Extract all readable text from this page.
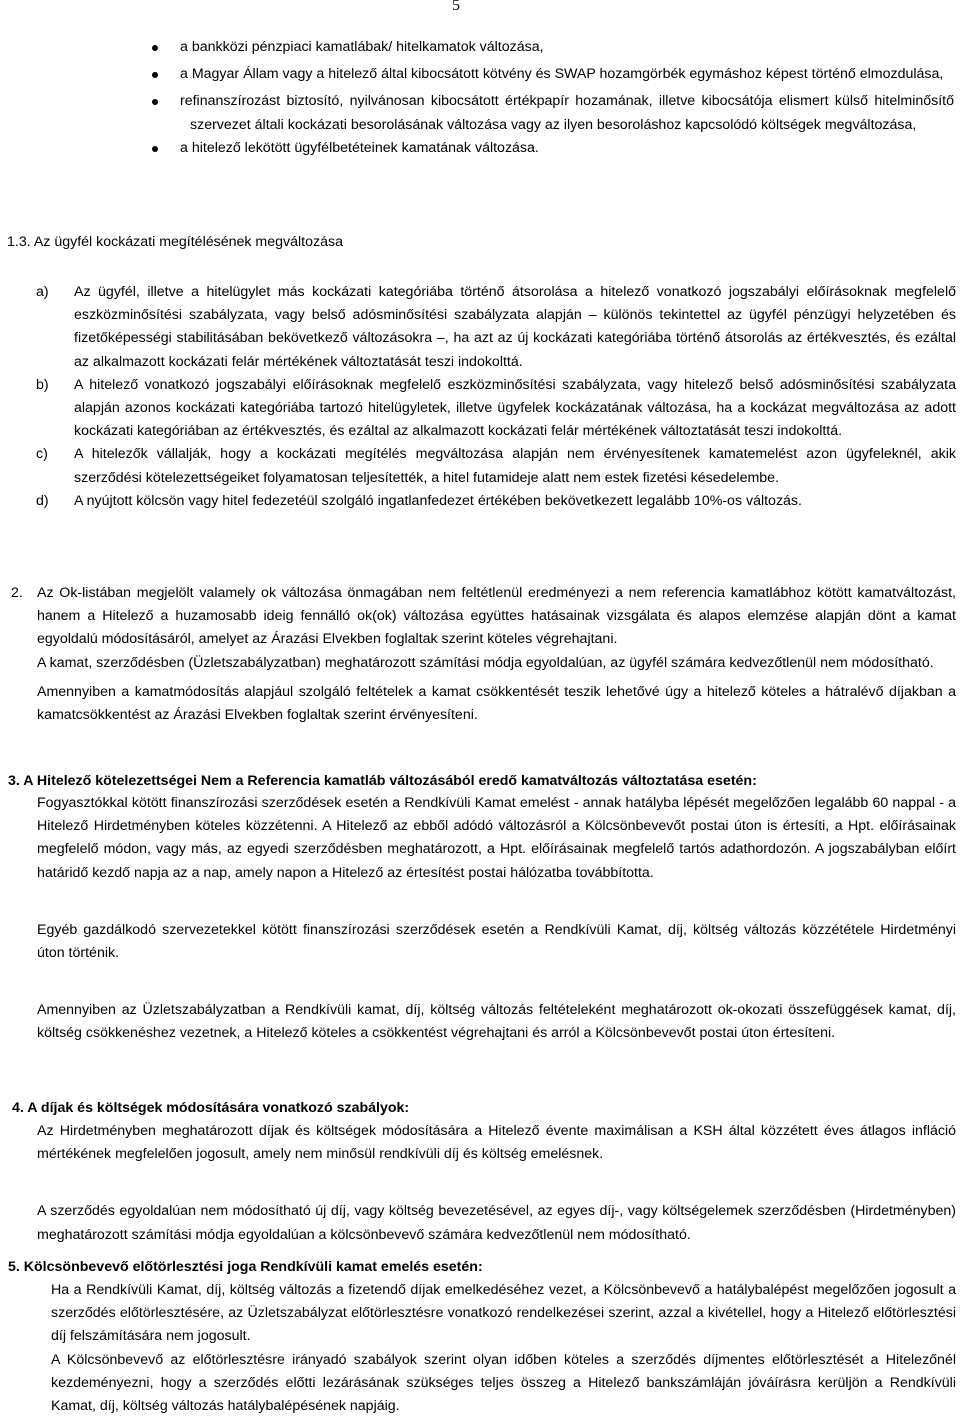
5
a bankközi pénzpiaci kamatlábak/ hitelkamatok változása,
a Magyar Állam vagy a hitelező által kibocsátott kötvény és SWAP hozamgörbék egymáshoz képest történő elmozdulása,
refinanszírozást biztosító, nyilvánosan kibocsátott értékpapír hozamának, illetve kibocsátója elismert külső hitelminősítő szervezet általi kockázati besorolásának változása vagy az ilyen besoroláshoz kapcsolódó költségek megváltozása,
a hitelező lekötött ügyfélbetéteinek kamatának változása.
1.3. Az ügyfél kockázati megítélésének megváltozása
a) Az ügyfél, illetve a hitelügylet más kockázati kategóriába történő átsorolása a hitelező vonatkozó jogszabályi előírásoknak megfelelő eszközminősítési szabályzata, vagy belső adósminősítési szabályzata alapján – különös tekintettel az ügyfél pénzügyi helyzetében és fizetőképességi stabilitásában bekövetkező változásokra –, ha azt az új kockázati kategóriába történő átsorolás az értékvesztés, és ezáltal az alkalmazott kockázati felár mértékének változtatását teszi indokolttá.
b) A hitelező vonatkozó jogszabályi előírásoknak megfelelő eszközminősítési szabályzata, vagy hitelező belső adósminősítési szabályzata alapján azonos kockázati kategóriába tartozó hitelügyletek, illetve ügyfelek kockázatának változása, ha a kockázat megváltozása az adott kockázati kategóriában az értékvesztés, és ezáltal az alkalmazott kockázati felár mértékének változtatását teszi indokolttá.
c) A hitelezők vállalják, hogy a kockázati megítélés megváltozása alapján nem érvényesítenek kamatemelést azon ügyfeleknél, akik szerződési kötelezettségeiket folyamatosan teljesítették, a hitel futamideje alatt nem estek fizetési késedelembe.
d) A nyújtott kölcsön vagy hitel fedezetéül szolgáló ingatlanfedezet értékében bekövetkezett legalább 10%-os változás.
2. Az Ok-listában megjelölt valamely ok változása önmagában nem feltétlenül eredményezi a nem referencia kamatlábhoz kötött kamatváltozást, hanem a Hitelező a huzamosabb ideig fennálló ok(ok) változása együttes hatásainak vizsgálata és alapos elemzése alapján dönt a kamat egyoldalú módosításáról, amelyet az Árazási Elvekben foglaltak szerint köteles végrehajtani.

A kamat, szerződésben (Üzletszabályzatban) meghatározott számítási módja egyoldalúan, az ügyfél számára kedvezőtlenül nem módosítható.

Amennyiben a kamatmódosítás alapjául szolgáló feltételek a kamat csökkentését teszik lehetővé úgy a hitelező köteles a hátralévő díjakban a kamatcsökkentést az Árazási Elvekben foglaltak szerint érvényesíteni.

3. A Hitelező kötelezettségei Nem a Referencia kamatláb változásából eredő kamatváltozás változtatása esetén:

Fogyasztókkal kötött finanszírozási szerződések esetén a Rendkívüli Kamat emelést - annak hatályba lépését megelőzően legalább 60 nappal - a Hitelező Hirdetményben köteles közzétenni. A Hitelező az ebből adódó változásról a Kölcsönbevevőt postai úton is értesíti, a Hpt. előírásainak megfelelő módon, vagy más, az egyedi szerződésben meghatározott, a Hpt. előírásainak megfelelő tartós adathordozón. A jogszabályban előírt határidő kezdő napja az a nap, amely napon a Hitelező az értesítést postai hálózatba továbbította.

Egyéb gazdálkodó szervezetekkel kötött finanszírozási szerződések esetén a Rendkívüli Kamat, díj, költség változás közzététele Hirdetményi úton történik.

Amennyiben az Üzletszabályzatban a Rendkívüli kamat, díj, költség változás feltételeként meghatározott ok-okozati összefüggések kamat, díj, költség csökkenéshez vezetnek, a Hitelező köteles a csökkentést végrehajtani és arról a Kölcsönbevevőt postai úton értesíteni.

4. A díjak és költségek módosítására vonatkozó szabályok:

Az Hirdetményben meghatározott díjak és költségek módosítására a Hitelező évente maximálisan a KSH által közzétett éves átlagos infláció mértékének megfelelően jogosult, amely nem minősül rendkívüli díj és költség emelésnek.

A szerződés egyoldalúan nem módosítható új díj, vagy költség bevezetésével, az egyes díj-, vagy költségelemek szerződésben (Hirdetményben) meghatározott számítási módja egyoldalúan a kölcsönbevevő számára kedvezőtlenül nem módosítható.

5. Kölcsönbevevő előtörlesztési joga Rendkívüli kamat emelés esetén:

Ha a Rendkívüli Kamat, díj, költség változás a fizetendő díjak emelkedéséhez vezet, a Kölcsönbevevő a hatálybalépést megelőzően jogosult a szerződés előtörlesztésére, az Üzletszabályzat előtörlesztésre vonatkozó rendelkezései szerint, azzal a kivétellel, hogy a Hitelező előtörlesztési díj felszámítására nem jogosult.

A Kölcsönbevevő az előtörlesztésre irányadó szabályok szerint olyan időben köteles a szerződés díjmentes előtörlesztését a Hitelezőnél kezdeményezni, hogy a szerződés előtti lezárásának szükséges teljes összeg a Hitelező bankszámláján jóváírásra kerüljön a Rendkívüli Kamat, díj, költség változás hatálybalépésének napjáig.
